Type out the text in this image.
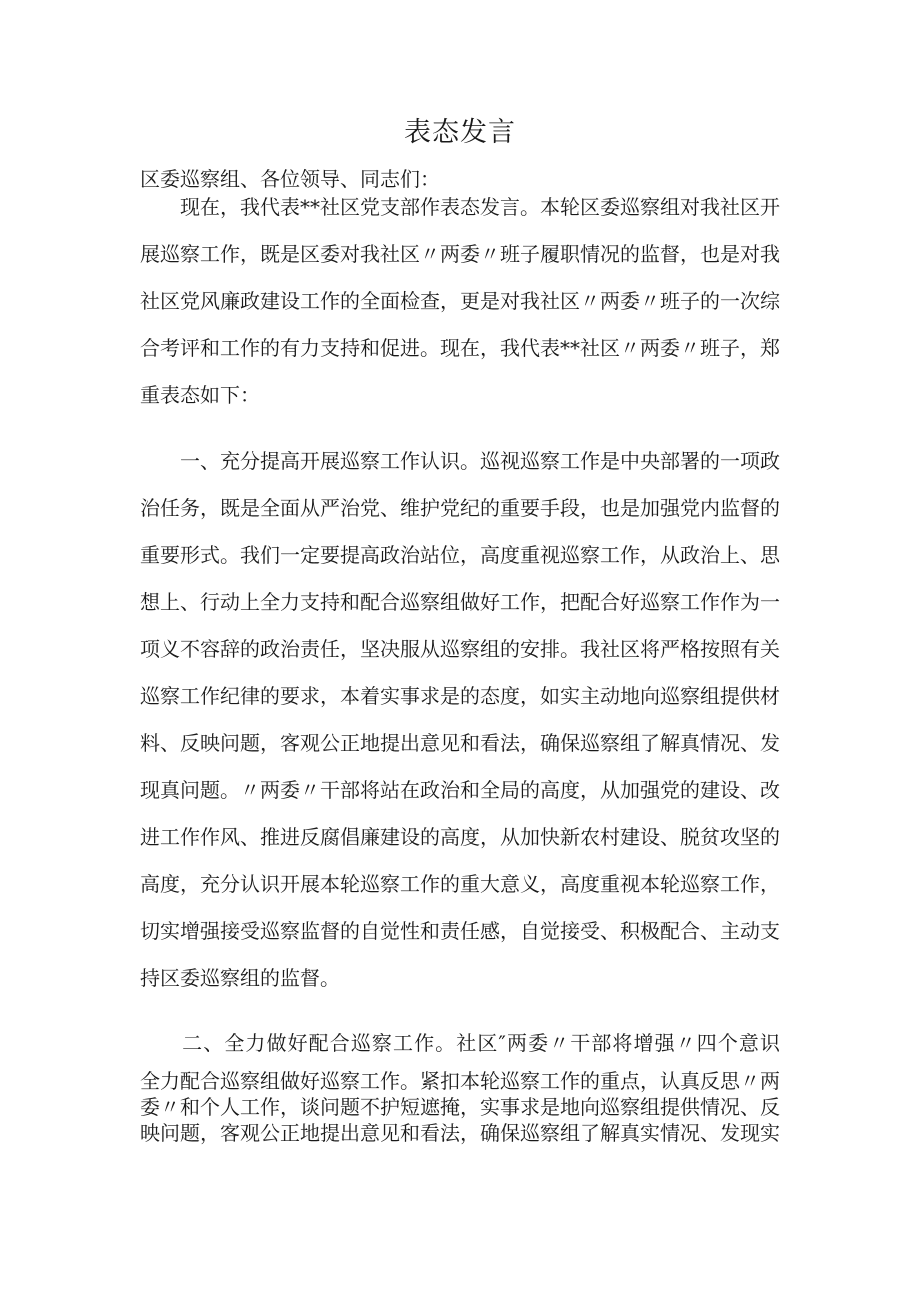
表态发言
区委巡察组、各位领导、同志们：
　　现在，我代表**社区党支部作表态发言。本轮区委巡察组对我社区开
展巡察工作，既是区委对我社区〃两委〃班子履职情况的监督，也是对我
社区党风廉政建设工作的全面检查，更是对我社区〃两委〃班子的一次综
合考评和工作的有力支持和促进。现在，我代表**社区〃两委〃班子，郑
重表态如下：
　　一、充分提高开展巡察工作认识。巡视巡察工作是中央部署的一项政
治任务，既是全面从严治党、维护党纪的重要手段，也是加强党内监督的
重要形式。我们一定要提高政治站位，高度重视巡察工作，从政治上、思
想上、行动上全力支持和配合巡察组做好工作，把配合好巡察工作作为一
项义不容辞的政治责任，坚决服从巡察组的安排。我社区将严格按照有关
巡察工作纪律的要求，本着实事求是的态度，如实主动地向巡察组提供材
料、反映问题，客观公正地提出意见和看法，确保巡察组了解真情况、发
现真问题。〃两委〃干部将站在政治和全局的高度，从加强党的建设、改
进工作作风、推进反腐倡廉建设的高度，从加快新农村建设、脱贫攻坚的
高度，充分认识开展本轮巡察工作的重大意义，高度重视本轮巡察工作，
切实增强接受巡察监督的自觉性和责任感，自觉接受、积极配合、主动支
持区委巡察组的监督。
　　二、全力做好配合巡察工作。社区″两委〃干部将增强〃四个意识
全力配合巡察组做好巡察工作。紧扣本轮巡察工作的重点，认真反思〃两
委〃和个人工作，谈问题不护短遮掩，实事求是地向巡察组提供情况、反
映问题，客观公正地提出意见和看法，确保巡察组了解真实情况、发现实
